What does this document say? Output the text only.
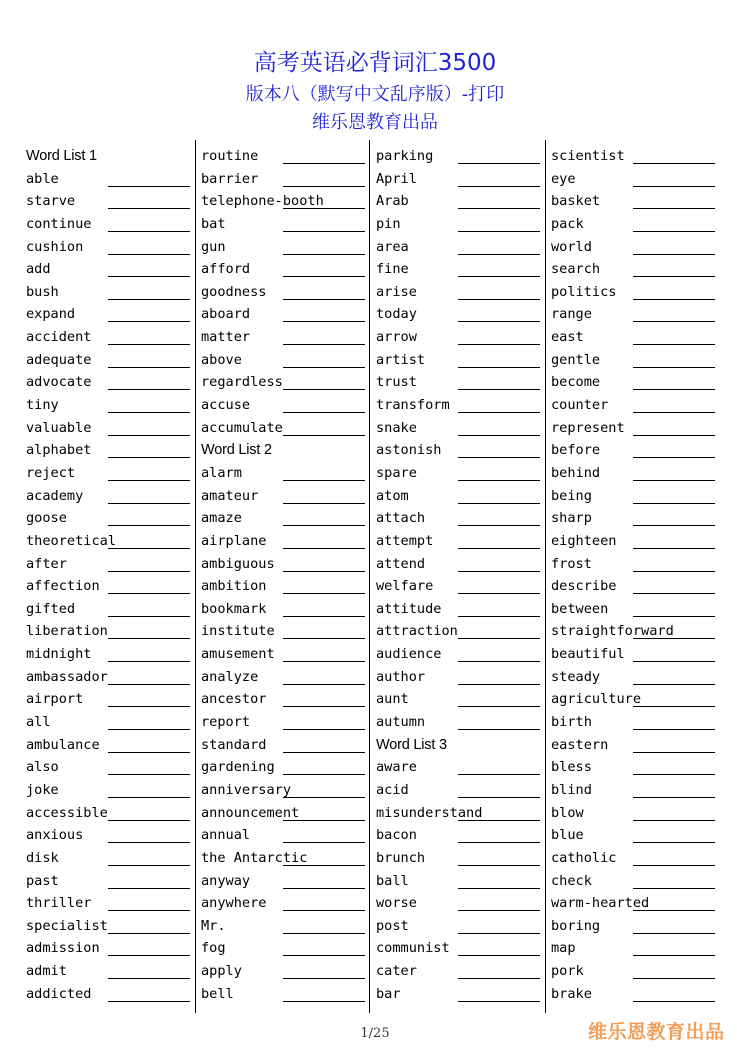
高考英语必背词汇3500
版本八（默写中文乱序版）-打印
维乐恩教育出品
Word List 1
able
starve
continue
cushion
add
bush
expand
accident
adequate
advocate
tiny
valuable
alphabet
reject
academy
goose
theoretical
after
affection
gifted
liberation
midnight
ambassador
airport
all
ambulance
also
joke
accessible
anxious
disk
past
thriller
specialist
admission
admit
addicted
routine
barrier
telephone-booth
bat
gun
afford
goodness
aboard
matter
above
regardless
accuse
accumulate
Word List 2
alarm
amateur
amaze
airplane
ambiguous
ambition
bookmark
institute
amusement
analyze
ancestor
report
standard
gardening
anniversary
announcement
annual
the Antarctic
anyway
anywhere
Mr.
fog
apply
bell
parking
April
Arab
pin
area
fine
arise
today
arrow
artist
trust
transform
snake
astonish
spare
atom
attach
attempt
attend
welfare
attitude
attraction
audience
author
aunt
autumn
Word List 3
aware
acid
misunderstand
bacon
brunch
ball
worse
post
communist
cater
bar
scientist
eye
basket
pack
world
search
politics
range
east
gentle
become
counter
represent
before
behind
being
sharp
eighteen
frost
describe
between
straightforward
beautiful
steady
agriculture
birth
eastern
bless
blind
blow
blue
catholic
check
warm-hearted
boring
map
pork
brake
1/25	维乐恩教育出品
